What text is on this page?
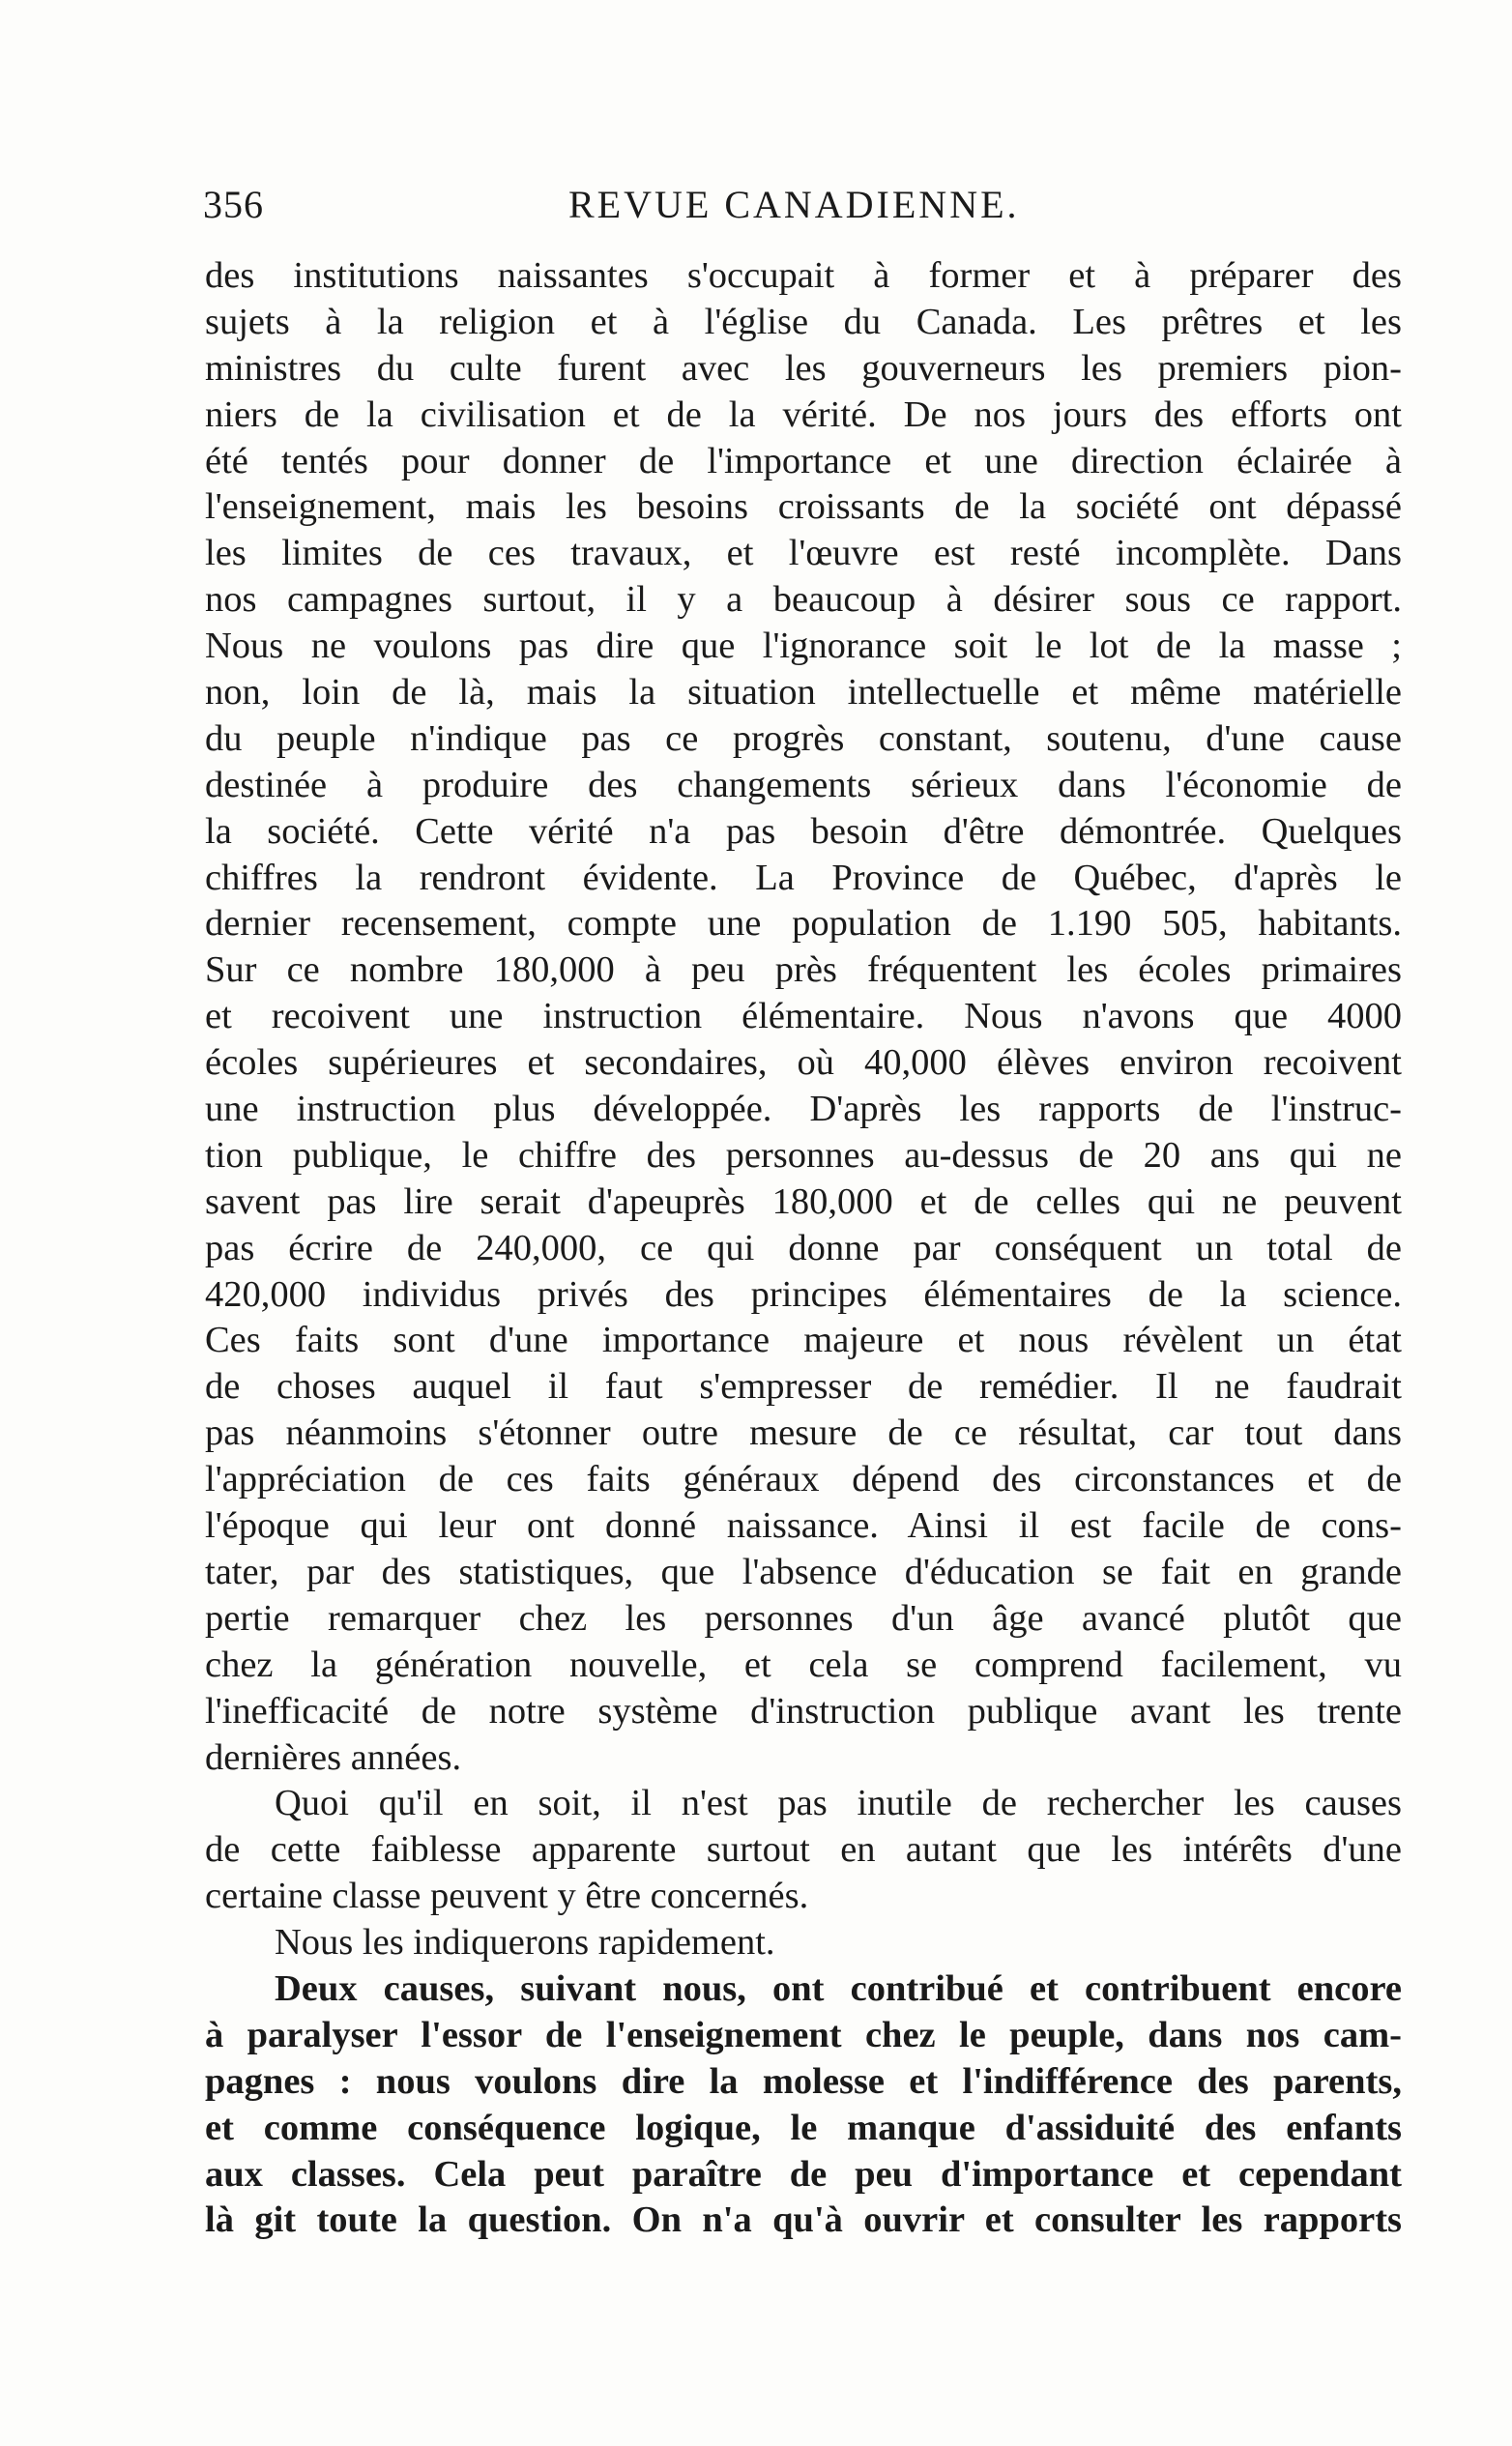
356	REVUE CANADIENNE.
des institutions naissantes s'occupait à former et à préparer des
sujets à la religion et à l'église du Canada. Les prêtres et les
ministres du culte furent avec les gouverneurs les premiers pion-
niers de la civilisation et de la vérité. De nos jours des efforts ont
été tentés pour donner de l'importance et une direction éclairée à
l'enseignement, mais les besoins croissants de la société ont dépassé
les limites de ces travaux, et l'œuvre est resté incomplète. Dans
nos campagnes surtout, il y a beaucoup à désirer sous ce rapport.
Nous ne voulons pas dire que l'ignorance soit le lot de la masse ;
non, loin de là, mais la situation intellectuelle et même matérielle
du peuple n'indique pas ce progrès constant, soutenu, d'une cause
destinée à produire des changements sérieux dans l'économie de
la société. Cette vérité n'a pas besoin d'être démontrée. Quelques
chiffres la rendront évidente. La Province de Québec, d'après le
dernier recensement, compte une population de 1.190 505, habitants.
Sur ce nombre 180,000 à peu près fréquentent les écoles primaires
et recoivent une instruction élémentaire. Nous n'avons que 4000
écoles supérieures et secondaires, où 40,000 élèves environ recoivent
une instruction plus développée. D'après les rapports de l'instruc-
tion publique, le chiffre des personnes au-dessus de 20 ans qui ne
savent pas lire serait d'apeuprès 180,000 et de celles qui ne peuvent
pas écrire de 240,000, ce qui donne par conséquent un total de
420,000 individus privés des principes élémentaires de la science.
Ces faits sont d'une importance majeure et nous révèlent un état
de choses auquel il faut s'empresser de remédier. Il ne faudrait
pas néanmoins s'étonner outre mesure de ce résultat, car tout dans
l'appréciation de ces faits généraux dépend des circonstances et de
l'époque qui leur ont donné naissance. Ainsi il est facile de cons-
tater, par des statistiques, que l'absence d'éducation se fait en grande
pertie remarquer chez les personnes d'un âge avancé plutôt que
chez la génération nouvelle, et cela se comprend facilement, vu
l'inefficacité de notre système d'instruction publique avant les trente
dernières années.
Quoi qu'il en soit, il n'est pas inutile de rechercher les causes
de cette faiblesse apparente surtout en autant que les intérêts d'une
certaine classe peuvent y être concernés.
Nous les indiquerons rapidement.
Deux causes, suivant nous, ont contribué et contribuent encore
à paralyser l'essor de l'enseignement chez le peuple, dans nos cam-
pagnes : nous voulons dire la molesse et l'indifférence des parents,
et comme conséquence logique, le manque d'assiduité des enfants
aux classes. Cela peut paraître de peu d'importance et cependant
là git toute la question. On n'a qu'à ouvrir et consulter les rapports
